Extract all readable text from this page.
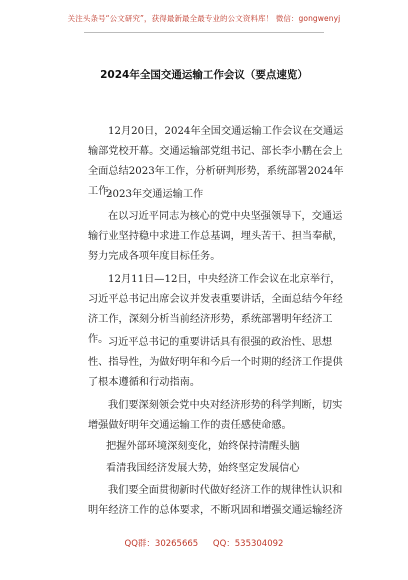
关注头条号“公文研究”，获得最新最全最专业的公文资料库！ 微信：gongwenyj
2024年全国交通运输工作会议（要点速览）

12月20日，2024年全国交通运输工作会议在交通运输部党校开幕。交通运输部党组书记、部长李小鹏在会上全面总结2023年工作，分析研判形势，系统部署2024年工作。

2023年交通运输工作

在以习近平同志为核心的党中央坚强领导下，交通运输行业坚持稳中求进工作总基调，埋头苦干、担当奉献，努力完成各项年度目标任务。

12月11日—12日，中央经济工作会议在北京举行，习近平总书记出席会议并发表重要讲话，全面总结今年经济工作，深刻分析当前经济形势，系统部署明年经济工作。 习近平总书记的重要讲话具有很强的政治性、思想性、指导性，为做好明年和今后一个时期的经济工作提供了根本遵循和行动指南。

我们要深刻领会党中央对经济形势的科学判断，切实增强做好明年交通运输工作的责任感使命感。

把握外部环境深刻变化，始终保持清醒头脑
看清我国经济发展大势，始终坚定发展信心

我们要全面贯彻新时代做好经济工作的规律性认识和明年经济工作的总体要求，不断巩固和增强交通运输经济

QQ群：30265665 QQ：535304092
